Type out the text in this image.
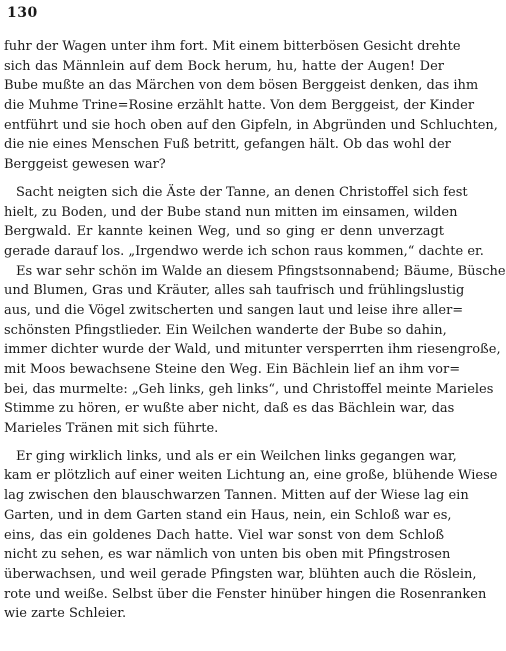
130

fuhr der Wagen unter ihm fort. Mit einem bitterbösen Gesicht drehte
sich das Männlein auf dem Bock herum, hu, hatte der Augen! Der
Bube mußte an das Märchen von dem bösen Berggeist denken, das ihm
die Muhme Trine=Rosine erzählt hatte. Von dem Berggeist, der Kinder
entführt und sie hoch oben auf den Gipfeln, in Abgründen und Schluchten,
die nie eines Menschen Fuß betritt, gefangen hält. Ob das wohl der
Berggeist gewesen war?

Sacht neigten sich die Äste der Tanne, an denen Christoffel sich fest
hielt, zu Boden, und der Bube stand nun mitten im einsamen, wilden
Bergwald. Er kannte keinen Weg, und so ging er denn unverzagt
gerade darauf los. „Irgendwo werde ich schon raus kommen,“ dachte er.

Es war sehr schön im Walde an diesem Pfingstsonnabend; Bäume, Büsche
und Blumen, Gras und Kräuter, alles sah taufrisch und frühlingslustig
aus, und die Vögel zwitscherten und sangen laut und leise ihre aller=
schönsten Pfingstlieder. Ein Weilchen wanderte der Bube so dahin,
immer dichter wurde der Wald, und mitunter versperrten ihm riesengroße,
mit Moos bewachsene Steine den Weg. Ein Bächlein lief an ihm vor=
bei, das murmelte: „Geh links, geh links“, und Christoffel meinte Marieles
Stimme zu hören, er wußte aber nicht, daß es das Bächlein war, das
Marieles Tränen mit sich führte.

Er ging wirklich links, und als er ein Weilchen links gegangen war,
kam er plötzlich auf einer weiten Lichtung an, eine große, blühende Wiese
lag zwischen den blauschwarzen Tannen. Mitten auf der Wiese lag ein
Garten, und in dem Garten stand ein Haus, nein, ein Schloß war es,
eins, das ein goldenes Dach hatte. Viel war sonst von dem Schloß
nicht zu sehen, es war nämlich von unten bis oben mit Pfingstrosen
überwachsen, und weil gerade Pfingsten war, blühten auch die Röslein,
rote und weiße. Selbst über die Fenster hinüber hingen die Rosenranken
wie zarte Schleier.
